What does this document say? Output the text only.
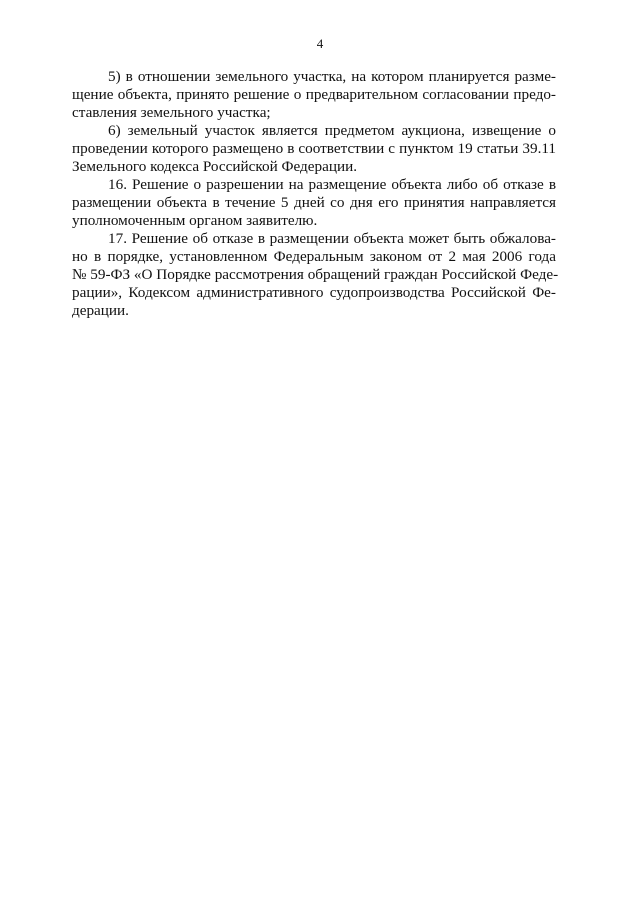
4
5) в отношении земельного участка, на котором планируется разме-
щение объекта, принято решение о предварительном согласовании предо-
ставления земельного участка;
6) земельный участок является предметом аукциона, извещение о
проведении которого размещено в соответствии с пунктом 19 статьи 39.11
Земельного кодекса Российской Федерации.
16. Решение о разрешении на размещение объекта либо об отказе в
размещении объекта в течение 5 дней со дня его принятия направляется
уполномоченным органом заявителю.
17. Решение об отказе в размещении объекта может быть обжалова-
но в порядке, установленном Федеральным законом от 2 мая 2006 года
№ 59-ФЗ «О Порядке рассмотрения обращений граждан Российской Феде-
рации», Кодексом административного судопроизводства Российской Фе-
дерации.
